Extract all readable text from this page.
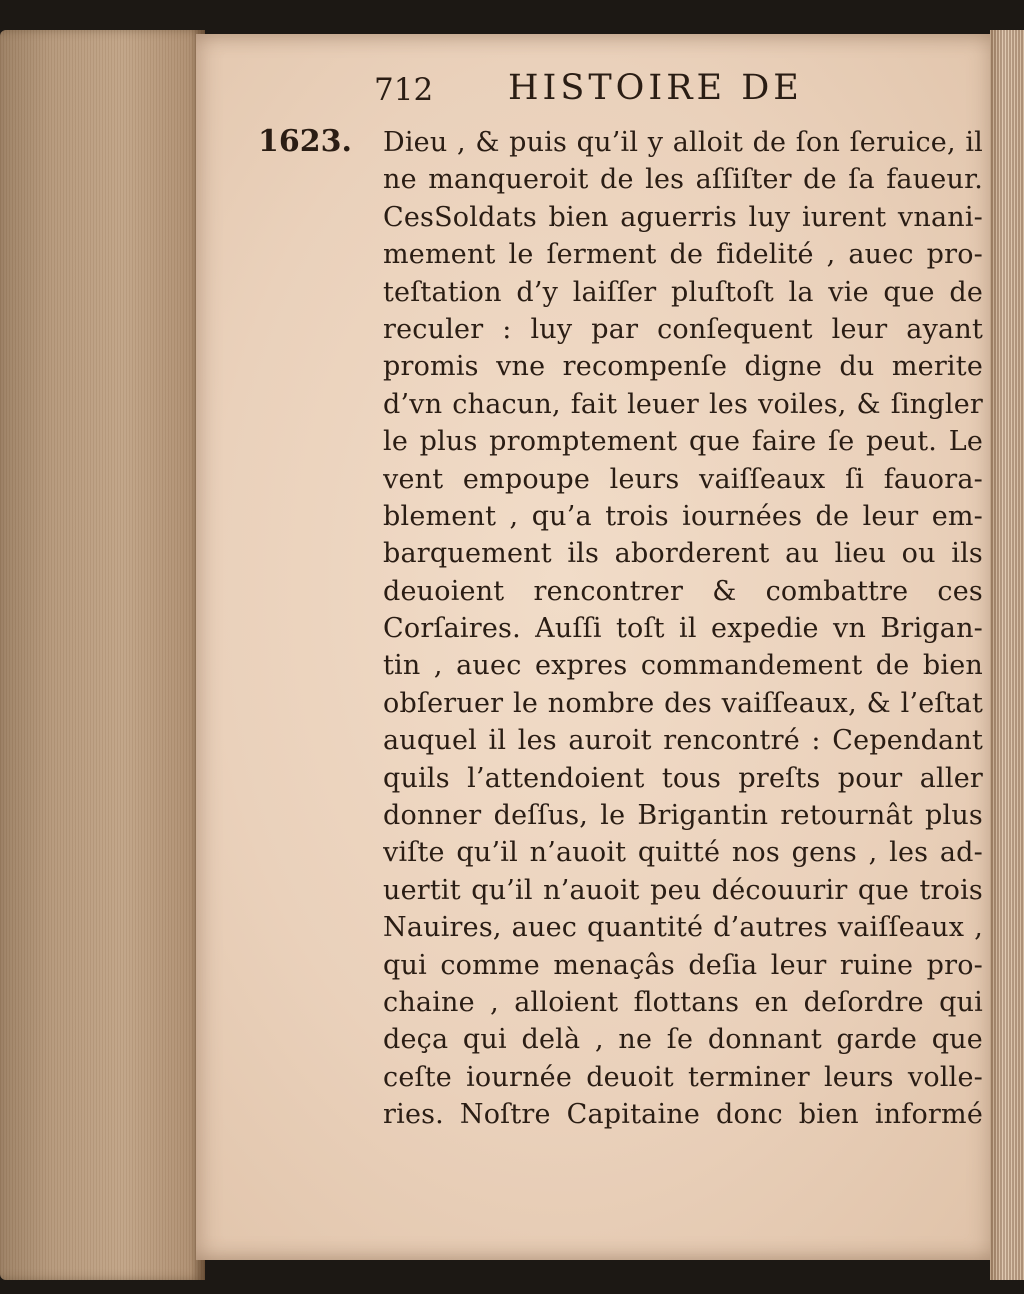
712 HISTOIRE DE
1623. Dieu , & puis qu’il y alloit de ſon ſeruice, il
ne manqueroit de les aſſiſter de ſa faueur.
CesSoldats bien aguerris luy iurent vnani-
mement le ſerment de fidelité , auec pro-
teſtation d’y laiſſer pluſtoſt la vie que de
reculer : luy par conſequent leur ayant
promis vne recompenſe digne du merite
d’vn chacun, fait leuer les voiles, & ſingler
le plus promptement que faire ſe peut. Le
vent empoupe leurs vaiſſeaux ſi fauora-
blement , qu’a trois iournées de leur em-
barquement ils aborderent au lieu ou ils
deuoient rencontrer & combattre ces
Corſaires. Auſſi toſt il expedie vn Brigan-
tin , auec expres commandement de bien
obſeruer le nombre des vaiſſeaux, & l’eſtat
auquel il les auroit rencontré : Cependant
quils l’attendoient tous preſts pour aller
donner deſſus, le Brigantin retournât plus
viſte qu’il n’auoit quitté nos gens , les ad-
uertit qu’il n’auoit peu découurir que trois
Nauires, auec quantité d’autres vaiſſeaux ,
qui comme menaçâs deſia leur ruine pro-
chaine , alloient flottans en deſordre qui
deça qui delà , ne ſe donnant garde que
ceſte iournée deuoit terminer leurs volle-
ries. Noſtre Capitaine donc bien informé
